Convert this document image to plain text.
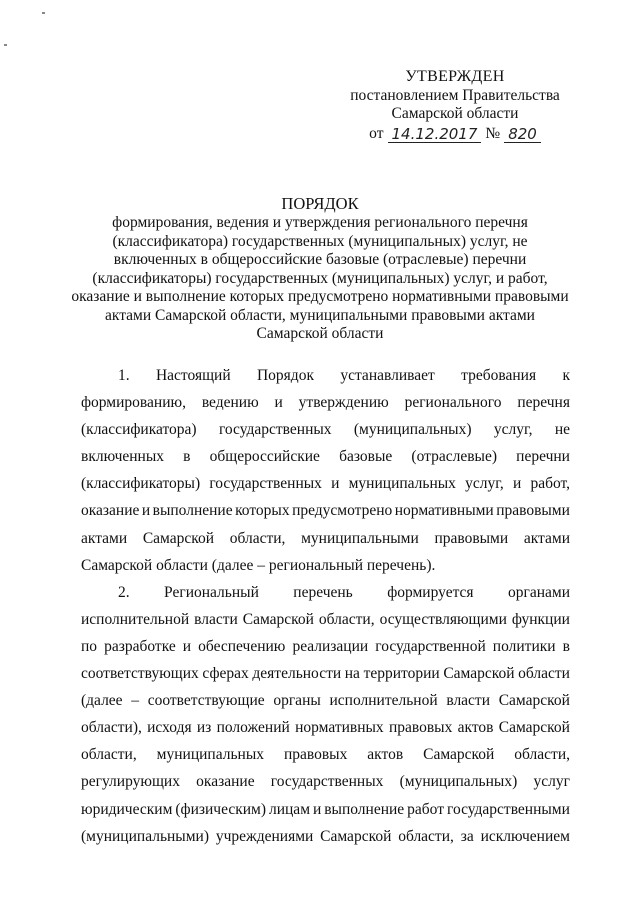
УТВЕРЖДЕН
постановлением Правительства
Самарской области
от 14.12.2017 № 820
ПОРЯДОК
формирования, ведения и утверждения регионального перечня
(классификатора) государственных (муниципальных) услуг, не
включенных в общероссийские базовые (отраслевые) перечни
(классификаторы) государственных (муниципальных) услуг, и работ,
оказание и выполнение которых предусмотрено нормативными правовыми
актами Самарской области, муниципальными правовыми актами
Самарской области
1. Настоящий Порядок устанавливает требования к
формированию, ведению и утверждению регионального перечня
(классификатора) государственных (муниципальных) услуг, не
включенных в общероссийские базовые (отраслевые) перечни
(классификаторы) государственных и муниципальных услуг, и работ,
оказание и выполнение которых предусмотрено нормативными правовыми
актами Самарской области, муниципальными правовыми актами
Самарской области (далее – региональный перечень).
2. Региональный перечень формируется органами
исполнительной власти Самарской области, осуществляющими функции
по разработке и обеспечению реализации государственной политики в
соответствующих сферах деятельности на территории Самарской области
(далее – соответствующие органы исполнительной власти Самарской
области), исходя из положений нормативных правовых актов Самарской
области, муниципальных правовых актов Самарской области,
регулирующих оказание государственных (муниципальных) услуг
юридическим (физическим) лицам и выполнение работ государственными
(муниципальными) учреждениями Самарской области, за исключением
